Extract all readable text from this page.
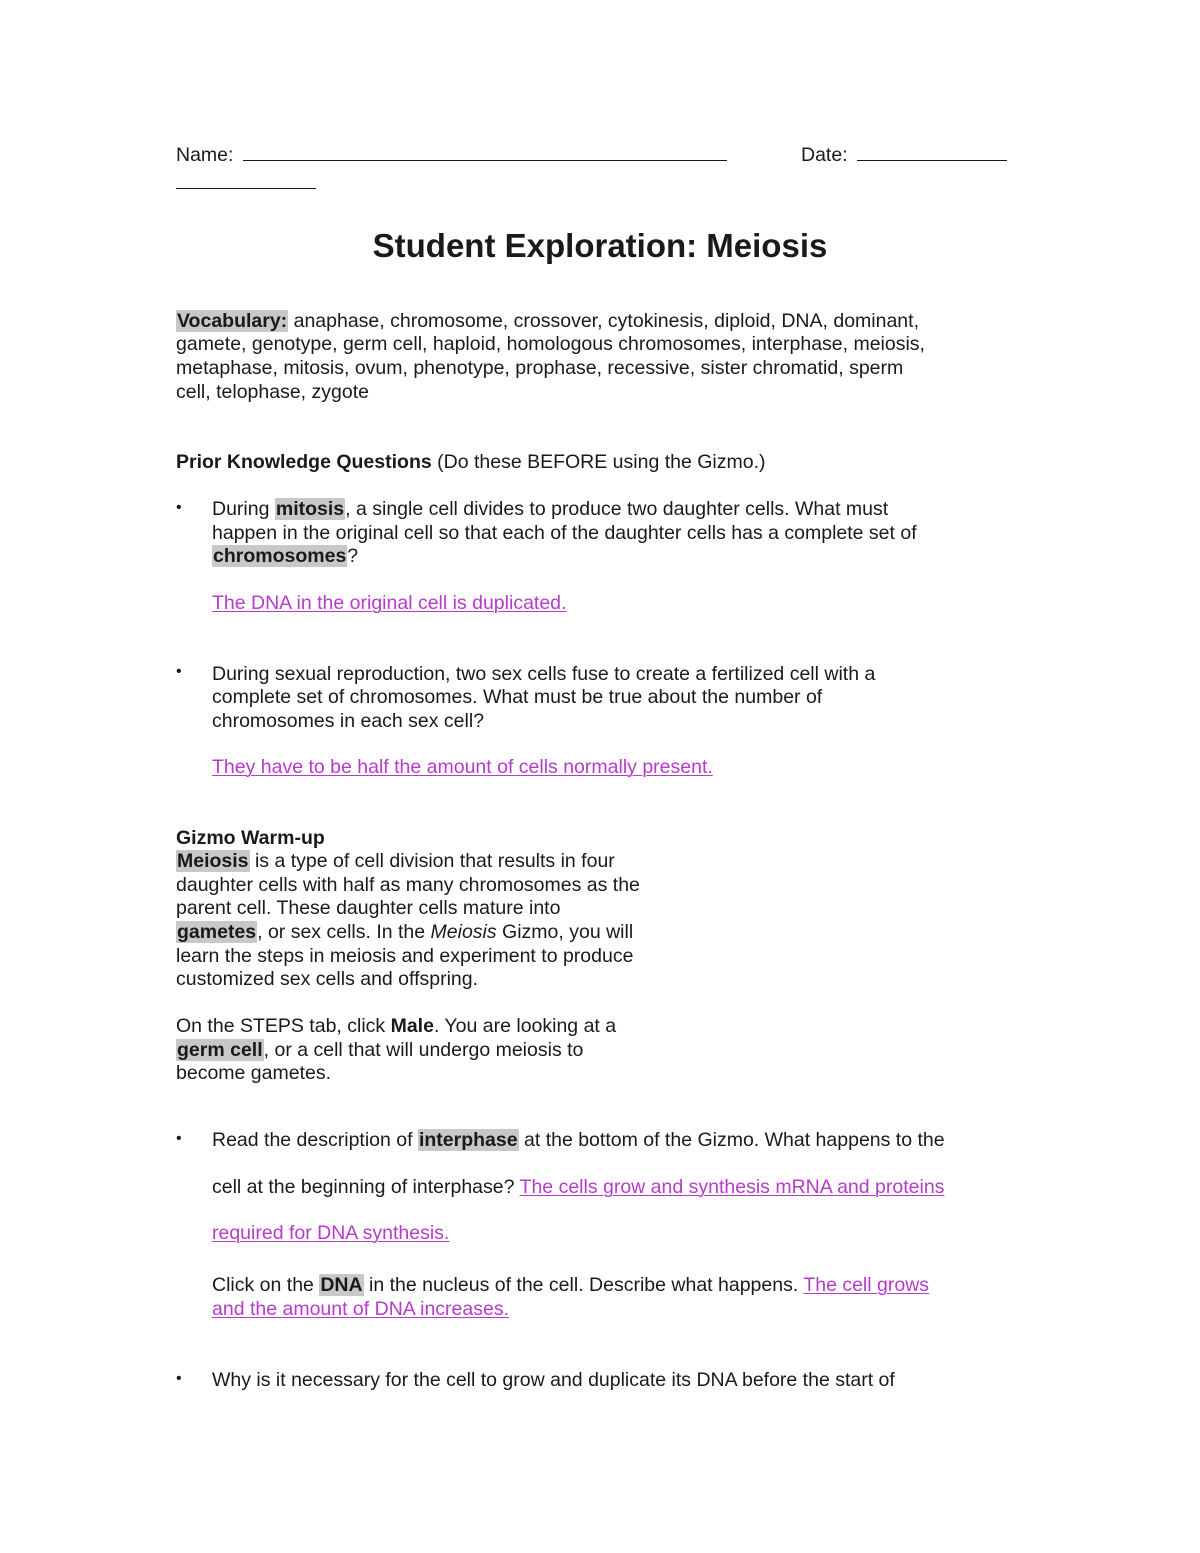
Name:	Date:
Student Exploration: Meiosis
Vocabulary: anaphase, chromosome, crossover, cytokinesis, diploid, DNA, dominant,
gamete, genotype, germ cell, haploid, homologous chromosomes, interphase, meiosis,
metaphase, mitosis, ovum, phenotype, prophase, recessive, sister chromatid, sperm
cell, telophase, zygote
Prior Knowledge Questions (Do these BEFORE using the Gizmo.)
• During mitosis, a single cell divides to produce two daughter cells. What must
happen in the original cell so that each of the daughter cells has a complete set of
chromosomes?
The DNA in the original cell is duplicated.
• During sexual reproduction, two sex cells fuse to create a fertilized cell with a
complete set of chromosomes. What must be true about the number of
chromosomes in each sex cell?
They have to be half the amount of cells normally present.
Gizmo Warm-up
Meiosis is a type of cell division that results in four
daughter cells with half as many chromosomes as the
parent cell. These daughter cells mature into
gametes, or sex cells. In the Meiosis Gizmo, you will
learn the steps in meiosis and experiment to produce
customized sex cells and offspring.
On the STEPS tab, click Male. You are looking at a
germ cell, or a cell that will undergo meiosis to
become gametes.
• Read the description of interphase at the bottom of the Gizmo. What happens to the
cell at the beginning of interphase? The cells grow and synthesis mRNA and proteins
required for DNA synthesis.
Click on the DNA in the nucleus of the cell. Describe what happens. The cell grows
and the amount of DNA increases.
• Why is it necessary for the cell to grow and duplicate its DNA before the start of
